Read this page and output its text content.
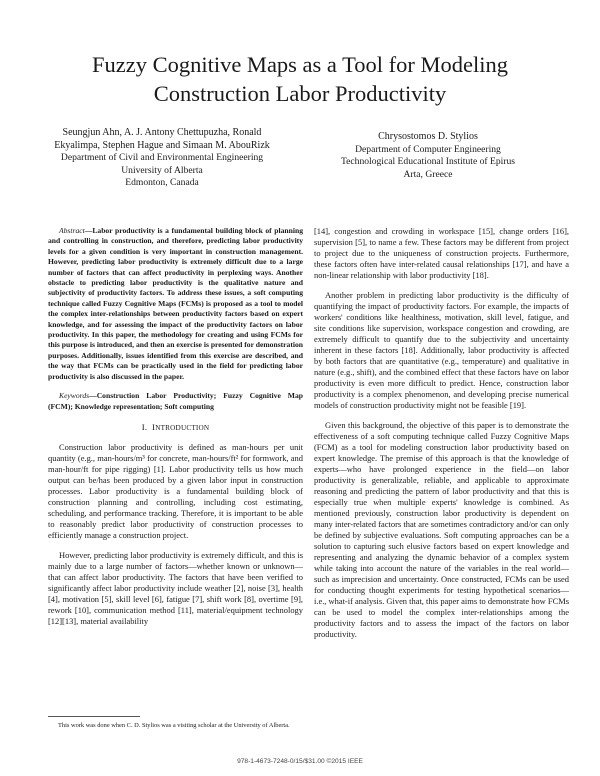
Fuzzy Cognitive Maps as a Tool for Modeling
Construction Labor Productivity
Seungjun Ahn, A. J. Antony Chettupuzha, Ronald Ekyalimpa, Stephen Hague and Simaan M. AbouRizk
Department of Civil and Environmental Engineering
University of Alberta
Edmonton, Canada
Chrysostomos D. Stylios
Department of Computer Engineering
Technological Educational Institute of Epirus
Arta, Greece

Abstract—Labor productivity is a fundamental building block of planning and controlling in construction, and therefore, predicting labor productivity levels for a given condition is very important in construction management. However, predicting labor productivity is extremely difficult due to a large number of factors that can affect productivity in perplexing ways. Another obstacle to predicting labor productivity is the qualitative nature and subjectivity of productivity factors. To address these issues, a soft computing technique called Fuzzy Cognitive Maps (FCMs) is proposed as a tool to model the complex inter-relationships between productivity factors based on expert knowledge, and for assessing the impact of the productivity factors on labor productivity. In this paper, the methodology for creating and using FCMs for this purpose is introduced, and then an exercise is presented for demonstration purposes. Additionally, issues identified from this exercise are described, and the way that FCMs can be practically used in the field for predicting labor productivity is also discussed in the paper.

Keywords—Construction Labor Productivity; Fuzzy Cognitive Map (FCM); Knowledge representation; Soft computing

I. INTRODUCTION

Construction labor productivity is defined as man-hours per unit quantity (e.g., man-hours/m³ for concrete, man-hours/ft² for formwork, and man-hour/ft for pipe rigging) [1]. Labor productivity tells us how much output can be/has been produced by a given labor input in construction processes. Labor productivity is a fundamental building block of construction planning and controlling, including cost estimating, scheduling, and performance tracking. Therefore, it is important to be able to reasonably predict labor productivity of construction processes to efficiently manage a construction project.

However, predicting labor productivity is extremely difficult, and this is mainly due to a large number of factors—whether known or unknown—that can affect labor productivity. The factors that have been verified to significantly affect labor productivity include weather [2], noise [3], health [4], motivation [5], skill level [6], fatigue [7], shift work [8], overtime [9], rework [10], communication method [11], material/equipment technology [12][13], material availability

[14], congestion and crowding in workspace [15], change orders [16], supervision [5], to name a few. These factors may be different from project to project due to the uniqueness of construction projects. Furthermore, these factors often have inter-related causal relationships [17], and have a non-linear relationship with labor productivity [18].

Another problem in predicting labor productivity is the difficulty of quantifying the impact of productivity factors. For example, the impacts of workers' conditions like healthiness, motivation, skill level, fatigue, and site conditions like supervision, workspace congestion and crowding, are extremely difficult to quantify due to the subjectivity and uncertainty inherent in these factors [18]. Additionally, labor productivity is affected by both factors that are quantitative (e.g., temperature) and qualitative in nature (e.g., shift), and the combined effect that these factors have on labor productivity is even more difficult to predict. Hence, construction labor productivity is a complex phenomenon, and developing precise numerical models of construction productivity might not be feasible [19].

Given this background, the objective of this paper is to demonstrate the effectiveness of a soft computing technique called Fuzzy Cognitive Maps (FCM) as a tool for modeling construction labor productivity based on expert knowledge. The premise of this approach is that the knowledge of experts—who have prolonged experience in the field—on labor productivity is generalizable, reliable, and applicable to approximate reasoning and predicting the pattern of labor productivity and that this is especially true when multiple experts' knowledge is combined. As mentioned previously, construction labor productivity is dependent on many inter-related factors that are sometimes contradictory and/or can only be defined by subjective evaluations. Soft computing approaches can be a solution to capturing such elusive factors based on expert knowledge and representing and analyzing the dynamic behavior of a complex system while taking into account the nature of the variables in the real world—such as imprecision and uncertainty. Once constructed, FCMs can be used for conducting thought experiments for testing hypothetical scenarios—i.e., what-if analysis. Given that, this paper aims to demonstrate how FCMs can be used to model the complex inter-relationships among the productivity factors and to assess the impact of the factors on labor productivity.

This work was done when C. D. Stylios was a visiting scholar at the University of Alberta.
978-1-4673-7248-0/15/$31.00 ©2015 IEEE
